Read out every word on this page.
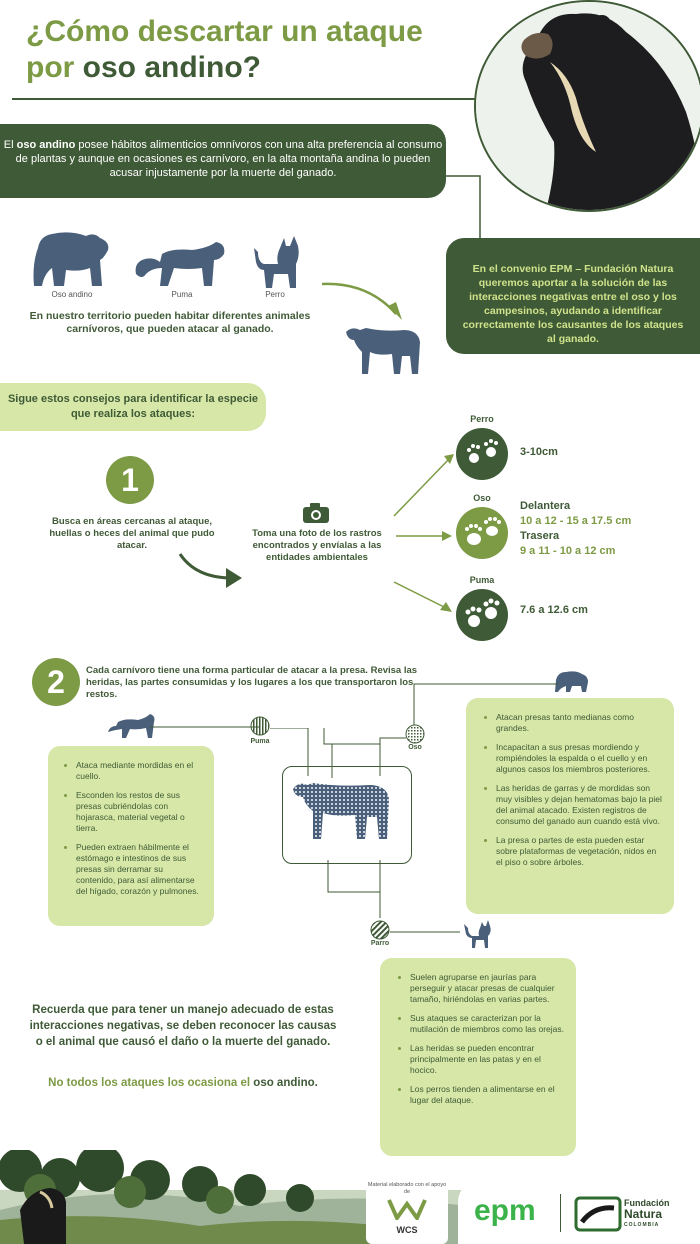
¿Cómo descartar un ataque
por oso andino?
El oso andino posee hábitos alimenticios omnívoros con una alta preferencia al consumo de plantas y aunque en ocasiones es carnívoro, en la alta montaña andina lo pueden acusar injustamente por la muerte del ganado.
Oso andino	Puma	Perro
En nuestro territorio pueden habitar diferentes animales carnívoros, que pueden atacar al ganado.
En el convenio EPM – Fundación Natura queremos aportar a la solución de las interacciones negativas entre el oso y los campesinos, ayudando a identificar correctamente los causantes de los ataques al ganado.
Sigue estos consejos para identificar la especie que realiza los ataques:
1
Busca en áreas cercanas al ataque, huellas o heces del animal que pudo atacar.
Toma una foto de los rastros encontrados y envíalas a las entidades ambientales
Perro
3-10cm
Oso
Delantera
10 a 12 - 15 a 17.5 cm
Trasera
9 a 11 - 10 a 12 cm
Puma
7.6 a 12.6 cm
2	Cada carnívoro tiene una forma particular de atacar a la presa. Revisa las heridas, las partes consumidas y los lugares a los que transportaron los restos.
Puma
Oso
Parro
• Ataca mediante mordidas en el cuello.
• Esconden los restos de sus presas cubriéndolas con hojarasca, material vegetal o tierra.
• Pueden extraen hábilmente el estómago e intestinos de sus presas sin derramar su contenido, para así alimentarse del hígado, corazón y pulmones.
• Atacan presas tanto medianas como grandes.
• Incapacitan a sus presas mordiendo y rompiéndoles la espalda o el cuello y en algunos casos los miembros posteriores.
• Las heridas de garras y de mordidas son muy visibles y dejan hematomas bajo la piel del animal atacado. Existen registros de consumo del ganado aun cuando está vivo.
• La presa o partes de esta pueden estar sobre plataformas de vegetación, nidos en el piso o sobre árboles.
• Suelen agruparse en jaurías para perseguir y atacar presas de cualquier tamaño, hiriéndolas en varias partes.
• Sus ataques se caracterizan por la mutilación de miembros como las orejas.
• Las heridas se pueden encontrar principalmente en las patas y en el hocico.
• Los perros tienden a alimentarse en el lugar del ataque.
Recuerda que para tener un manejo adecuado de estas interacciones negativas, se deben reconocer las causas o el animal que causó el daño o la muerte del ganado.
No todos los ataques los ocasiona el oso andino.
Material elaborado con el apoyo de
WCS
epm	Fundación
Natura
COLOMBIA
